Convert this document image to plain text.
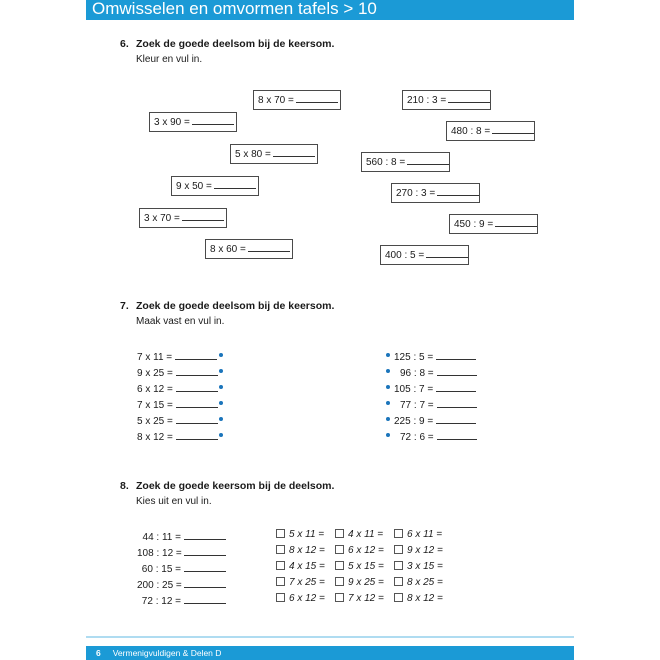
Omwisselen en omvormen tafels > 10
6. Zoek de goede deelsom bij de keersom.
Kleur en vul in.
8 x 70 =
3 x 90 =
5 x 80 =
9 x 50 =
3 x 70 =
8 x 60 =
210 : 3 =
480 : 8 =
560 : 8 =
270 : 3 =
450 : 9 =
400 : 5 =
7. Zoek de goede deelsom bij de keersom.
Maak vast en vul in.
7 x 11 =
9 x 25 =
6 x 12 =
7 x 15 =
5 x 25 =
8 x 12 =
125 : 5 =
96 : 8 =
105 : 7 =
77 : 7 =
225 : 9 =
72 : 6 =
8. Zoek de goede keersom bij de deelsom.
Kies uit en vul in.
44 : 11 =
108 : 12 =
60 : 15 =
200 : 25 =
72 : 12 =
5 x 11 =	4 x 11 =	6 x 11 =
8 x 12 =	6 x 12 =	9 x 12 =
4 x 15 =	5 x 15 =	3 x 15 =
7 x 25 =	9 x 25 =	8 x 25 =
6 x 12 =	7 x 12 =	8 x 12 =
6 Vermenigvuldigen & Delen D
